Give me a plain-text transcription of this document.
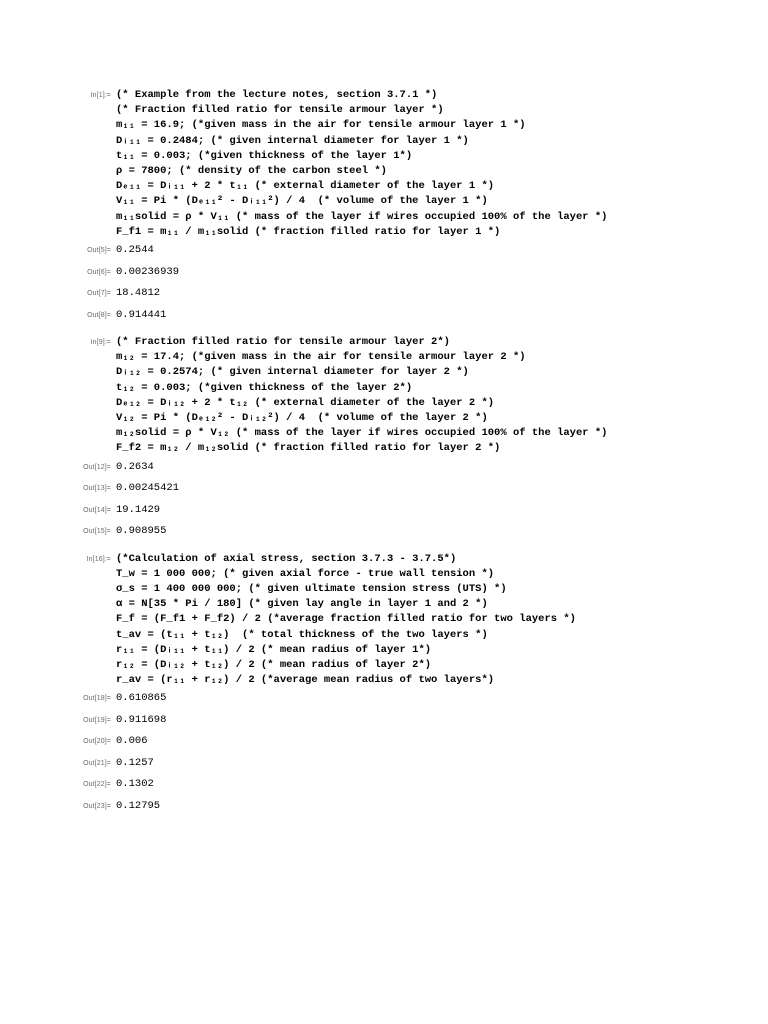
In[1]:= (* Example from the lecture notes, section 3.7.1 *)
(* Fraction filled ratio for tensile armour layer *)
m₁₁ = 16.9; (*given mass in the air for tensile armour layer 1 *)
Dᵢ₁₁ = 0.2484; (* given internal diameter for layer 1 *)
t₁₁ = 0.003; (*given thickness of the layer 1*)
ρ = 7800; (* density of the carbon steel *)
Dₑ₁₁ = Dᵢ₁₁ + 2 * t₁₁ (* external diameter of the layer 1 *)
V₁₁ = Pi * (Dₑ₁₁² - Dᵢ₁₁²) / 4  (* volume of the layer 1 *)
m₁₁solid = ρ * V₁₁ (* mass of the layer if wires occupied 100% of the layer *)
F_f1 = m₁₁ / m₁₁solid (* fraction filled ratio for layer 1 *)
Out[5]= 0.2544
Out[6]= 0.00236939
Out[7]= 18.4812
Out[8]= 0.914441
In[9]:= (* Fraction filled ratio for tensile armour layer 2*)
m₁₂ = 17.4; (*given mass in the air for tensile armour layer 2 *)
Dᵢ₁₂ = 0.2574; (* given internal diameter for layer 2 *)
t₁₂ = 0.003; (*given thickness of the layer 2*)
Dₑ₁₂ = Dᵢ₁₂ + 2 * t₁₂ (* external diameter of the layer 2 *)
V₁₂ = Pi * (Dₑ₁₂² - Dᵢ₁₂²) / 4  (* volume of the layer 2 *)
m₁₂solid = ρ * V₁₂ (* mass of the layer if wires occupied 100% of the layer *)
F_f2 = m₁₂ / m₁₂solid (* fraction filled ratio for layer 2 *)
Out[12]= 0.2634
Out[13]= 0.00245421
Out[14]= 19.1429
Out[15]= 0.908955
In[16]:= (*Calculation of axial stress, section 3.7.3 - 3.7.5*)
T_w = 1 000 000; (* given axial force - true wall tension *)
σ_s = 1 400 000 000; (* given ultimate tension stress (UTS) *)
α = N[35 * Pi / 180] (* given lay angle in layer 1 and 2 *)
F_f = (F_f1 + F_f2) / 2 (*average fraction filled ratio for two layers *)
t_av = (t₁₁ + t₁₂)  (* total thickness of the two layers *)
r₁₁ = (Dᵢ₁₁ + t₁₁) / 2 (* mean radius of layer 1*)
r₁₂ = (Dᵢ₁₂ + t₁₂) / 2 (* mean radius of layer 2*)
r_av = (r₁₁ + r₁₂) / 2 (*average mean radius of two layers*)
Out[18]= 0.610865
Out[19]= 0.911698
Out[20]= 0.006
Out[21]= 0.1257
Out[22]= 0.1302
Out[23]= 0.12795
